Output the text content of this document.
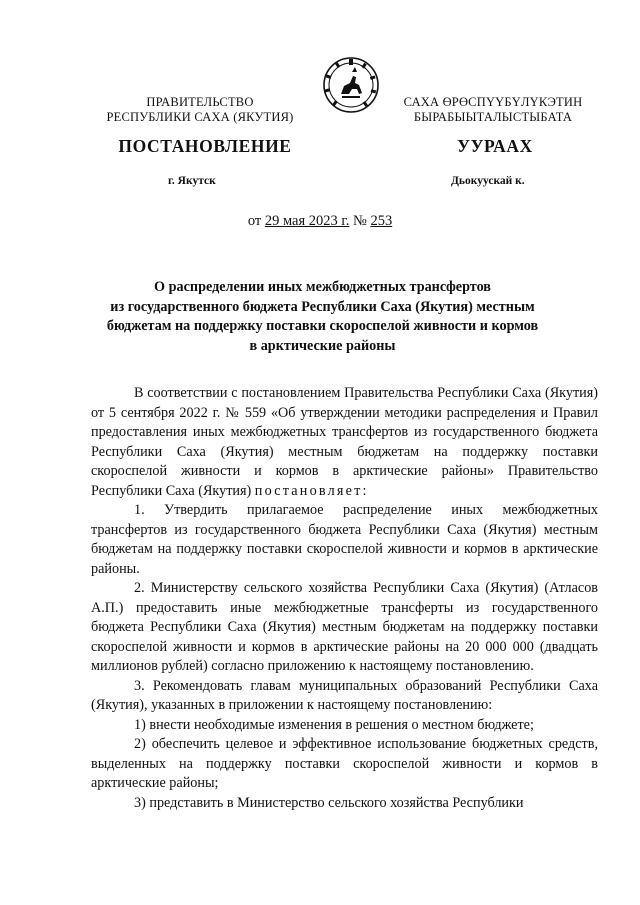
ПРАВИТЕЛЬСТВО
РЕСПУБЛИКИ САХА (ЯКУТИЯ)
САХА ӨРӨСПҮҮБҮЛҮКЭТИН
БЫРАБЫЫТАЛЫСТЫБАТА
ПОСТАНОВЛЕНИЕ	УУРААХ
г. Якутск	Дьокуускай к.
от 29 мая 2023 г. № 253
О распределении иных межбюджетных трансфертов
из государственного бюджета Республики Саха (Якутия) местным
бюджетам на поддержку поставки скороспелой живности и кормов
в арктические районы

В соответствии с постановлением Правительства Республики Саха (Якутия) от 5 сентября 2022 г. № 559 «Об утверждении методики распределения и Правил предоставления иных межбюджетных трансфертов из государственного бюджета Республики Саха (Якутия) местным бюджетам на поддержку поставки скороспелой живности и кормов в арктические районы» Правительство Республики Саха (Якутия) постановляет:

1. Утвердить прилагаемое распределение иных межбюджетных трансфертов из государственного бюджета Республики Саха (Якутия) местным бюджетам на поддержку поставки скороспелой живности и кормов в арктические районы.

2. Министерству сельского хозяйства Республики Саха (Якутия) (Атласов А.П.) предоставить иные межбюджетные трансферты из государственного бюджета Республики Саха (Якутия) местным бюджетам на поддержку поставки скороспелой живности и кормов в арктические районы на 20 000 000 (двадцать миллионов рублей) согласно приложению к настоящему постановлению.

3. Рекомендовать главам муниципальных образований Республики Саха (Якутия), указанных в приложении к настоящему постановлению:

1) внести необходимые изменения в решения о местном бюджете;

2) обеспечить целевое и эффективное использование бюджетных средств, выделенных на поддержку поставки скороспелой живности и кормов в арктические районы;

3) представить в Министерство сельского хозяйства Республики
